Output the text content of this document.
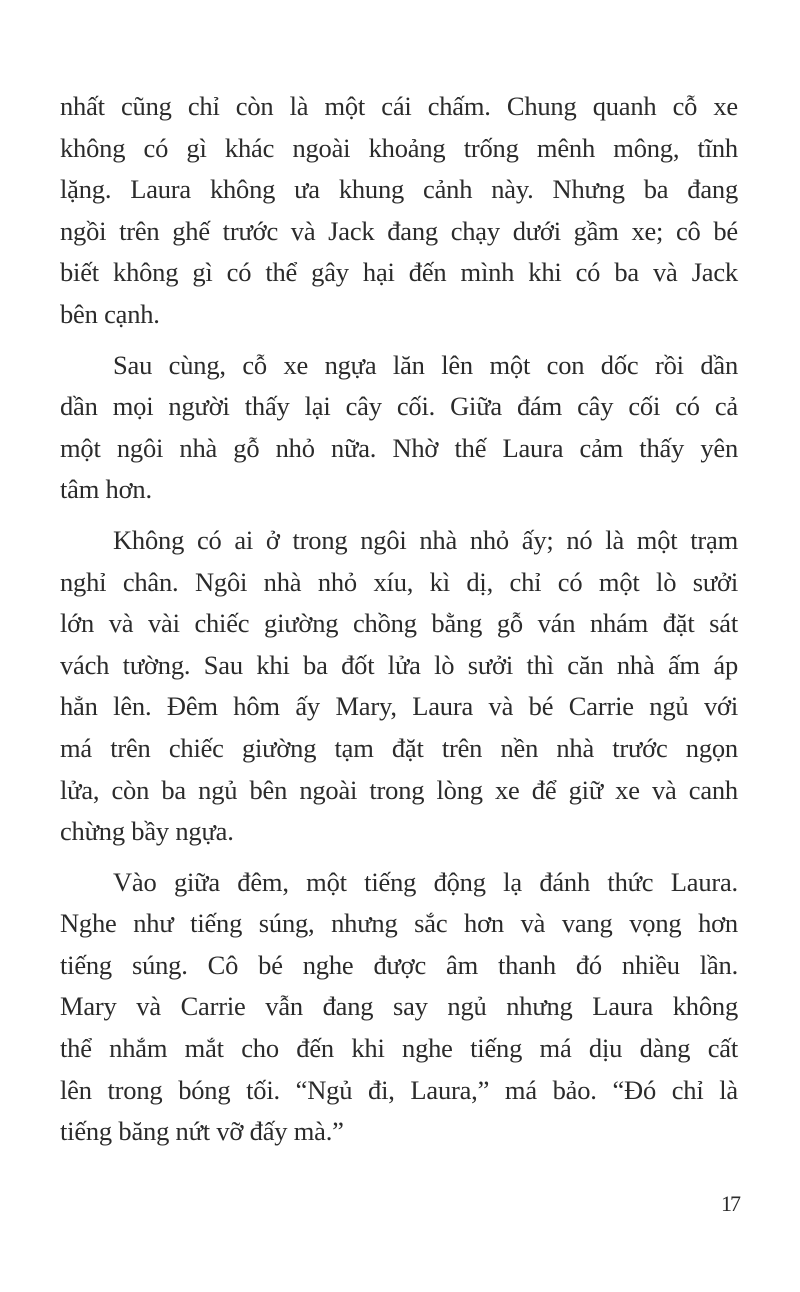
nhất cũng chỉ còn là một cái chấm. Chung quanh cỗ xe
không có gì khác ngoài khoảng trống mênh mông, tĩnh
lặng. Laura không ưa khung cảnh này. Nhưng ba đang
ngồi trên ghế trước và Jack đang chạy dưới gầm xe; cô bé
biết không gì có thể gây hại đến mình khi có ba và Jack
bên cạnh.

Sau cùng, cỗ xe ngựa lăn lên một con dốc rồi dần
dần mọi người thấy lại cây cối. Giữa đám cây cối có cả
một ngôi nhà gỗ nhỏ nữa. Nhờ thế Laura cảm thấy yên
tâm hơn.

Không có ai ở trong ngôi nhà nhỏ ấy; nó là một trạm
nghỉ chân. Ngôi nhà nhỏ xíu, kì dị, chỉ có một lò sưởi
lớn và vài chiếc giường chồng bằng gỗ ván nhám đặt sát
vách tường. Sau khi ba đốt lửa lò sưởi thì căn nhà ấm áp
hẳn lên. Đêm hôm ấy Mary, Laura và bé Carrie ngủ với
má trên chiếc giường tạm đặt trên nền nhà trước ngọn
lửa, còn ba ngủ bên ngoài trong lòng xe để giữ xe và canh
chừng bầy ngựa.

Vào giữa đêm, một tiếng động lạ đánh thức Laura.
Nghe như tiếng súng, nhưng sắc hơn và vang vọng hơn
tiếng súng. Cô bé nghe được âm thanh đó nhiều lần.
Mary và Carrie vẫn đang say ngủ nhưng Laura không
thể nhắm mắt cho đến khi nghe tiếng má dịu dàng cất
lên trong bóng tối. “Ngủ đi, Laura,” má bảo. “Đó chỉ là
tiếng băng nứt vỡ đấy mà.”

17
